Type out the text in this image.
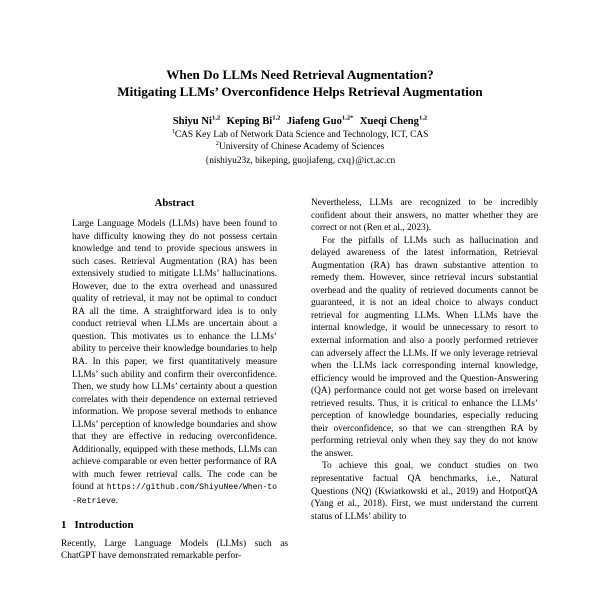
When Do LLMs Need Retrieval Augmentation?
Mitigating LLMs’ Overconfidence Helps Retrieval Augmentation
Shiyu Ni$^{1,2}$ Keping Bi$^{1,2}$ Jiafeng Guo$^{1,2*}$ Xueqi Cheng$^{1,2}$
$^1$CAS Key Lab of Network Data Science and Technology, ICT, CAS
$^2$University of Chinese Academy of Sciences
{nishiyu23z, bikeping, guojiafeng, cxq}@ict.ac.cn
Abstract

Large Language Models (LLMs) have been found to have difficulty knowing they do not possess certain knowledge and tend to provide specious answers in such cases. Retrieval Augmentation (RA) has been extensively studied to mitigate LLMs’ hallucinations. However, due to the extra overhead and unassured quality of retrieval, it may not be optimal to conduct RA all the time. A straightforward idea is to only conduct retrieval when LLMs are uncertain about a question. This motivates us to enhance the LLMs’ ability to perceive their knowledge boundaries to help RA. In this paper, we first quantitatively measure LLMs’ such ability and confirm their overconfidence. Then, we study how LLMs’ certainty about a question correlates with their dependence on external retrieved information. We propose several methods to enhance LLMs’ perception of knowledge boundaries and show that they are effective in reducing overconfidence. Additionally, equipped with these methods, LLMs can achieve comparable or even better performance of RA with much fewer retrieval calls. The code can be found at https://github.com/ShiyuNee/When-to-Retrieve.

1 Introduction

Recently, Large Language Models (LLMs) such as ChatGPT have demonstrated remarkable perfor-

Nevertheless, LLMs are recognized to be incredibly confident about their answers, no matter whether they are correct or not (Ren et al., 2023).

For the pitfalls of LLMs such as hallucination and delayed awareness of the latest information, Retrieval Augmentation (RA) has drawn substantive attention to remedy them. However, since retrieval incurs substantial overhead and the quality of retrieved documents cannot be guaranteed, it is not an ideal choice to always conduct retrieval for augmenting LLMs. When LLMs have the internal knowledge, it would be unnecessary to resort to external information and also a poorly performed retriever can adversely affect the LLMs. If we only leverage retrieval when the LLMs lack corresponding internal knowledge, efficiency would be improved and the Question-Answering (QA) performance could not get worse based on irrelevant retrieved results. Thus, it is critical to enhance the LLMs’ perception of knowledge boundaries, especially reducing their overconfidence, so that we can strengthen RA by performing retrieval only when they say they do not know the answer.

To achieve this goal, we conduct studies on two representative factual QA benchmarks, i.e., Natural Questions (NQ) (Kwiatkowski et al., 2019) and HotpotQA (Yang et al., 2018). First, we must understand the current status of LLMs’ ability to
